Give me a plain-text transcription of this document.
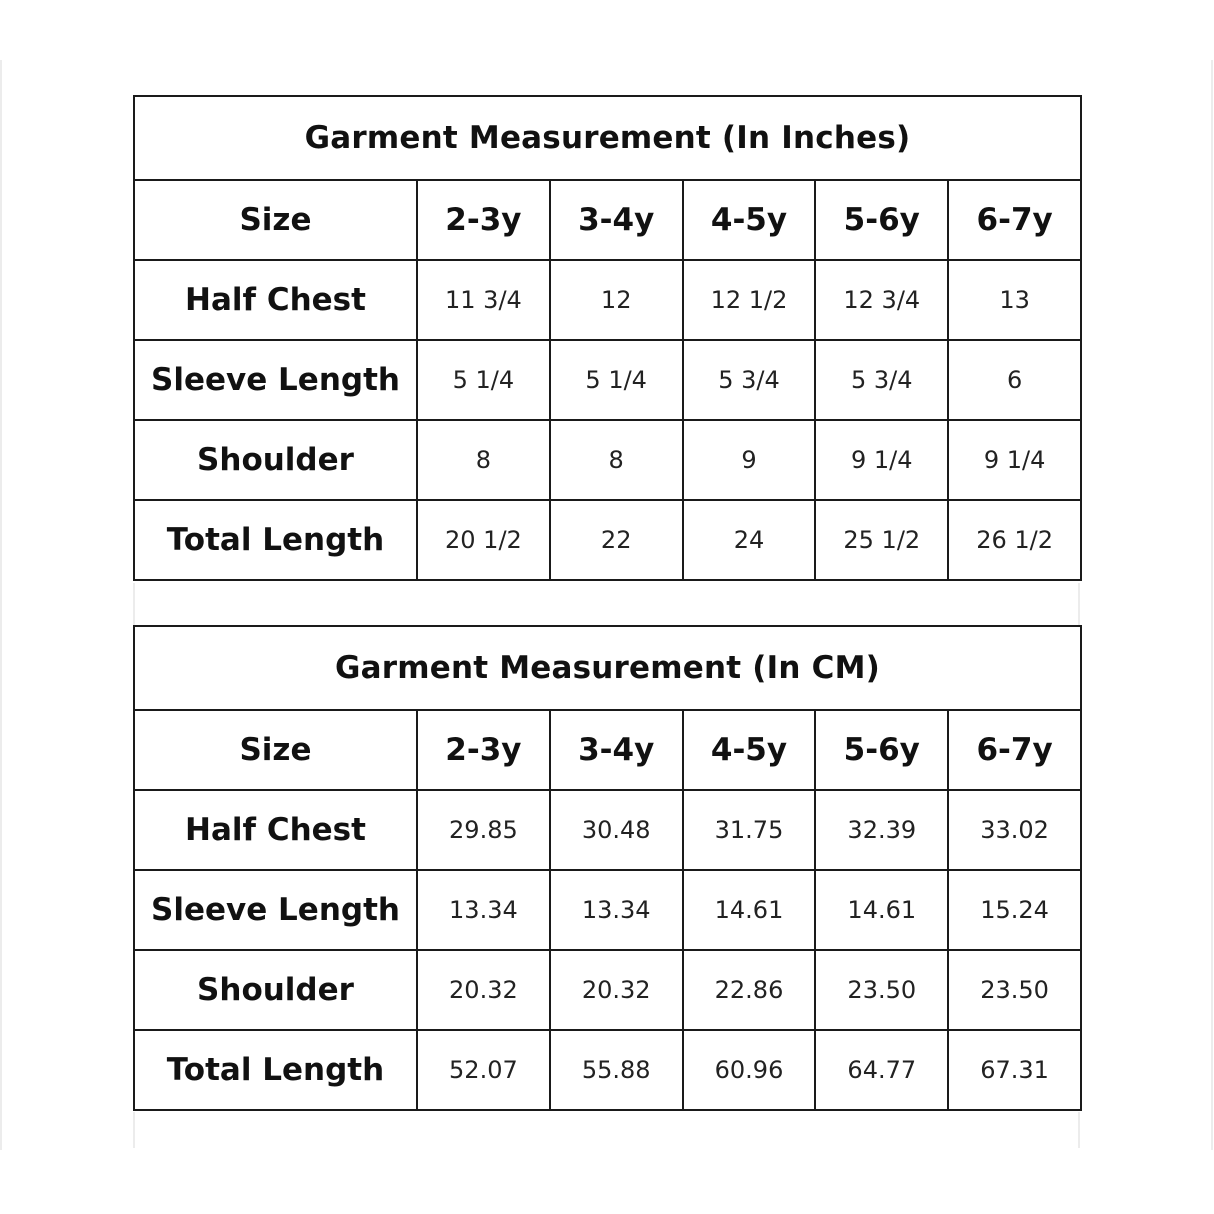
Garment Measurement (In Inches)					
Size	2-3y	3-4y	4-5y	5-6y	6-7y
Half Chest	11 3/4	12	12 1/2	12 3/4	13
Sleeve Length	5 1/4	5 1/4	5 3/4	5 3/4	6
Shoulder	8	8	9	9 1/4	9 1/4
Total Length	20 1/2	22	24	25 1/2	26 1/2
Garment Measurement (In CM)					
Size	2-3y	3-4y	4-5y	5-6y	6-7y
Half Chest	29.85	30.48	31.75	32.39	33.02
Sleeve Length	13.34	13.34	14.61	14.61	15.24
Shoulder	20.32	20.32	22.86	23.50	23.50
Total Length	52.07	55.88	60.96	64.77	67.31
